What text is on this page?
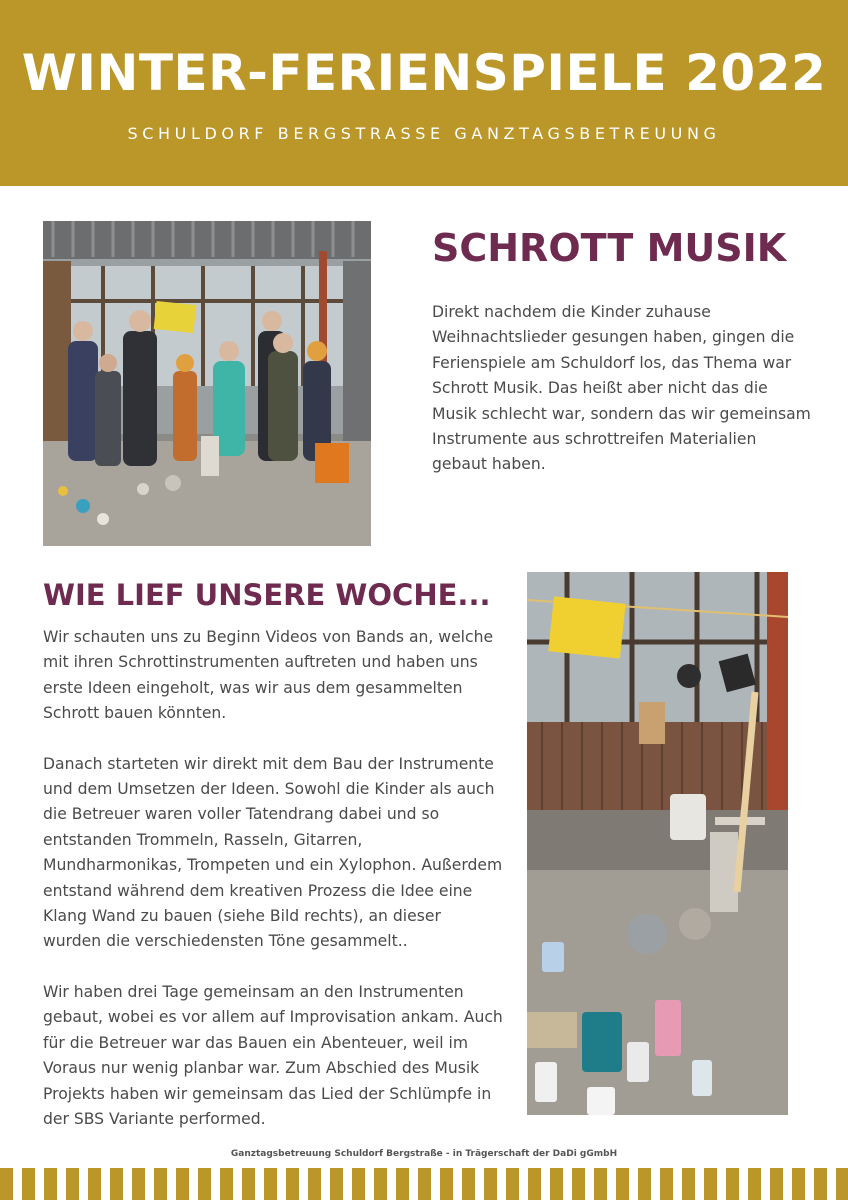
WINTER-FERIENSPIELE 2022
SCHULDORF BERGSTRASSE GANZTAGSBETREUUNG
SCHROTT MUSIK

Direkt nachdem die Kinder zuhause Weihnachtslieder gesungen haben, gingen die Ferienspiele am Schuldorf los, das Thema war Schrott Musik. Das heißt aber nicht das die Musik schlecht war, sondern das wir gemeinsam Instrumente aus schrottreifen Materialien gebaut haben.

WIE LIEF UNSERE WOCHE...

Wir schauten uns zu Beginn Videos von Bands an, welche mit ihren Schrottinstrumenten auftreten und haben uns erste Ideen eingeholt, was wir aus dem gesammelten Schrott bauen könnten.

Danach starteten wir direkt mit dem Bau der Instrumente und dem Umsetzen der Ideen. Sowohl die Kinder als auch die Betreuer waren voller Tatendrang dabei und so entstanden Trommeln, Rasseln, Gitarren, Mundharmonikas, Trompeten und ein Xylophon. Außerdem entstand während dem kreativen Prozess die Idee eine Klang Wand zu bauen (siehe Bild rechts), an dieser wurden die verschiedensten Töne gesammelt..

Wir haben drei Tage gemeinsam an den Instrumenten gebaut, wobei es vor allem auf Improvisation ankam. Auch für die Betreuer war das Bauen ein Abenteuer, weil im Voraus nur wenig planbar war. Zum Abschied des Musik Projekts haben wir gemeinsam das Lied der Schlümpfe in der SBS Variante performed.

Ganztagsbetreuung Schuldorf Bergstraße - in Trägerschaft der DaDi gGmbH
